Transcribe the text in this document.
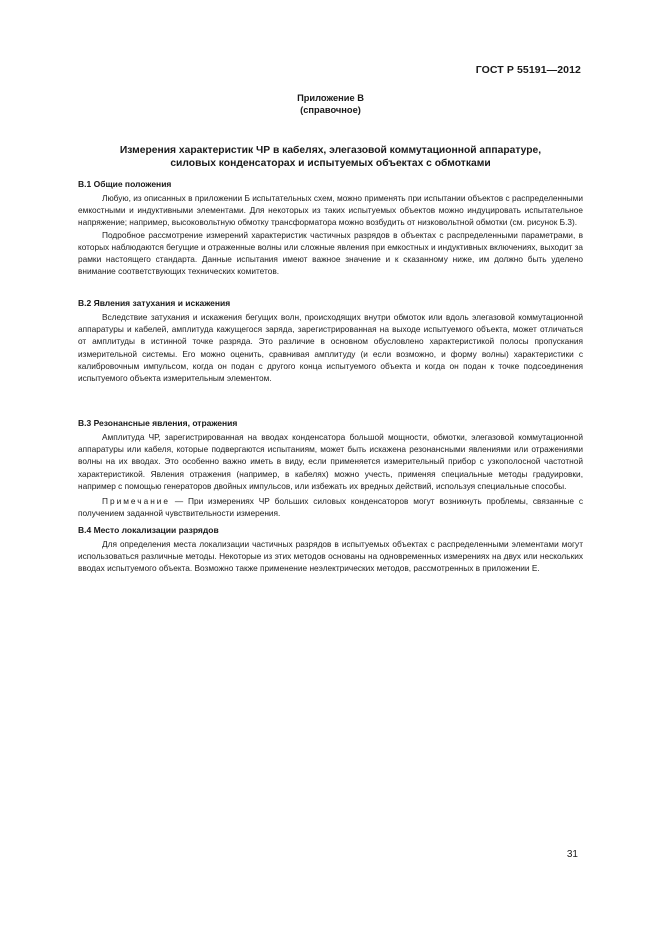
ГОСТ Р 55191—2012
Приложение В
(справочное)
Измерения характеристик ЧР в кабелях, элегазовой коммутационной аппаратуре,
силовых конденсаторах и испытуемых объектах с обмотками
В.1 Общие положения

Любую, из описанных в приложении Б испытательных схем, можно применять при испытании объектов с распределенными емкостными и индуктивными элементами. Для некоторых из таких испытуемых объектов можно индуцировать испытательное напряжение; например, высоковольтную обмотку трансформатора можно возбудить от низковольтной обмотки (см. рисунок Б.3).

Подробное рассмотрение измерений характеристик частичных разрядов в объектах с распределенными параметрами, в которых наблюдаются бегущие и отраженные волны или сложные явления при емкостных и индуктивных включениях, выходит за рамки настоящего стандарта. Данные испытания имеют важное значение и к сказанному ниже, им должно быть уделено внимание соответствующих технических комитетов.

В.2 Явления затухания и искажения

Вследствие затухания и искажения бегущих волн, происходящих внутри обмоток или вдоль элегазовой коммутационной аппаратуры и кабелей, амплитуда кажущегося заряда, зарегистрированная на выходе испытуемого объекта, может отличаться от амплитуды в истинной точке разряда. Это различие в основном обусловлено характеристикой полосы пропускания измерительной системы. Его можно оценить, сравнивая амплитуду (и если возможно, и форму волны) характеристики с калибровочным импульсом, когда он подан с другого конца испытуемого объекта и когда он подан к точке подсоединения испытуемого объекта измерительным элементом.

В.3 Резонансные явления, отражения

Амплитуда ЧР, зарегистрированная на вводах конденсатора большой мощности, обмотки, элегазовой коммутационной аппаратуры или кабеля, которые подвергаются испытаниям, может быть искажена резонансными явлениями или отражениями волны на их вводах. Это особенно важно иметь в виду, если применяется измерительный прибор с узкополосной частотной характеристикой. Явления отражения (например, в кабелях) можно учесть, применяя специальные методы градуировки, например с помощью генераторов двойных импульсов, или избежать их вредных действий, используя специальные способы.

Примечание — При измерениях ЧР больших силовых конденсаторов могут возникнуть проблемы, связанные с получением заданной чувствительности измерения.

В.4 Место локализации разрядов

Для определения места локализации частичных разрядов в испытуемых объектах с распределенными элементами могут использоваться различные методы. Некоторые из этих методов основаны на одновременных измерениях на двух или нескольких вводах испытуемого объекта. Возможно также применение неэлектрических методов, рассмотренных в приложении Е.

31
